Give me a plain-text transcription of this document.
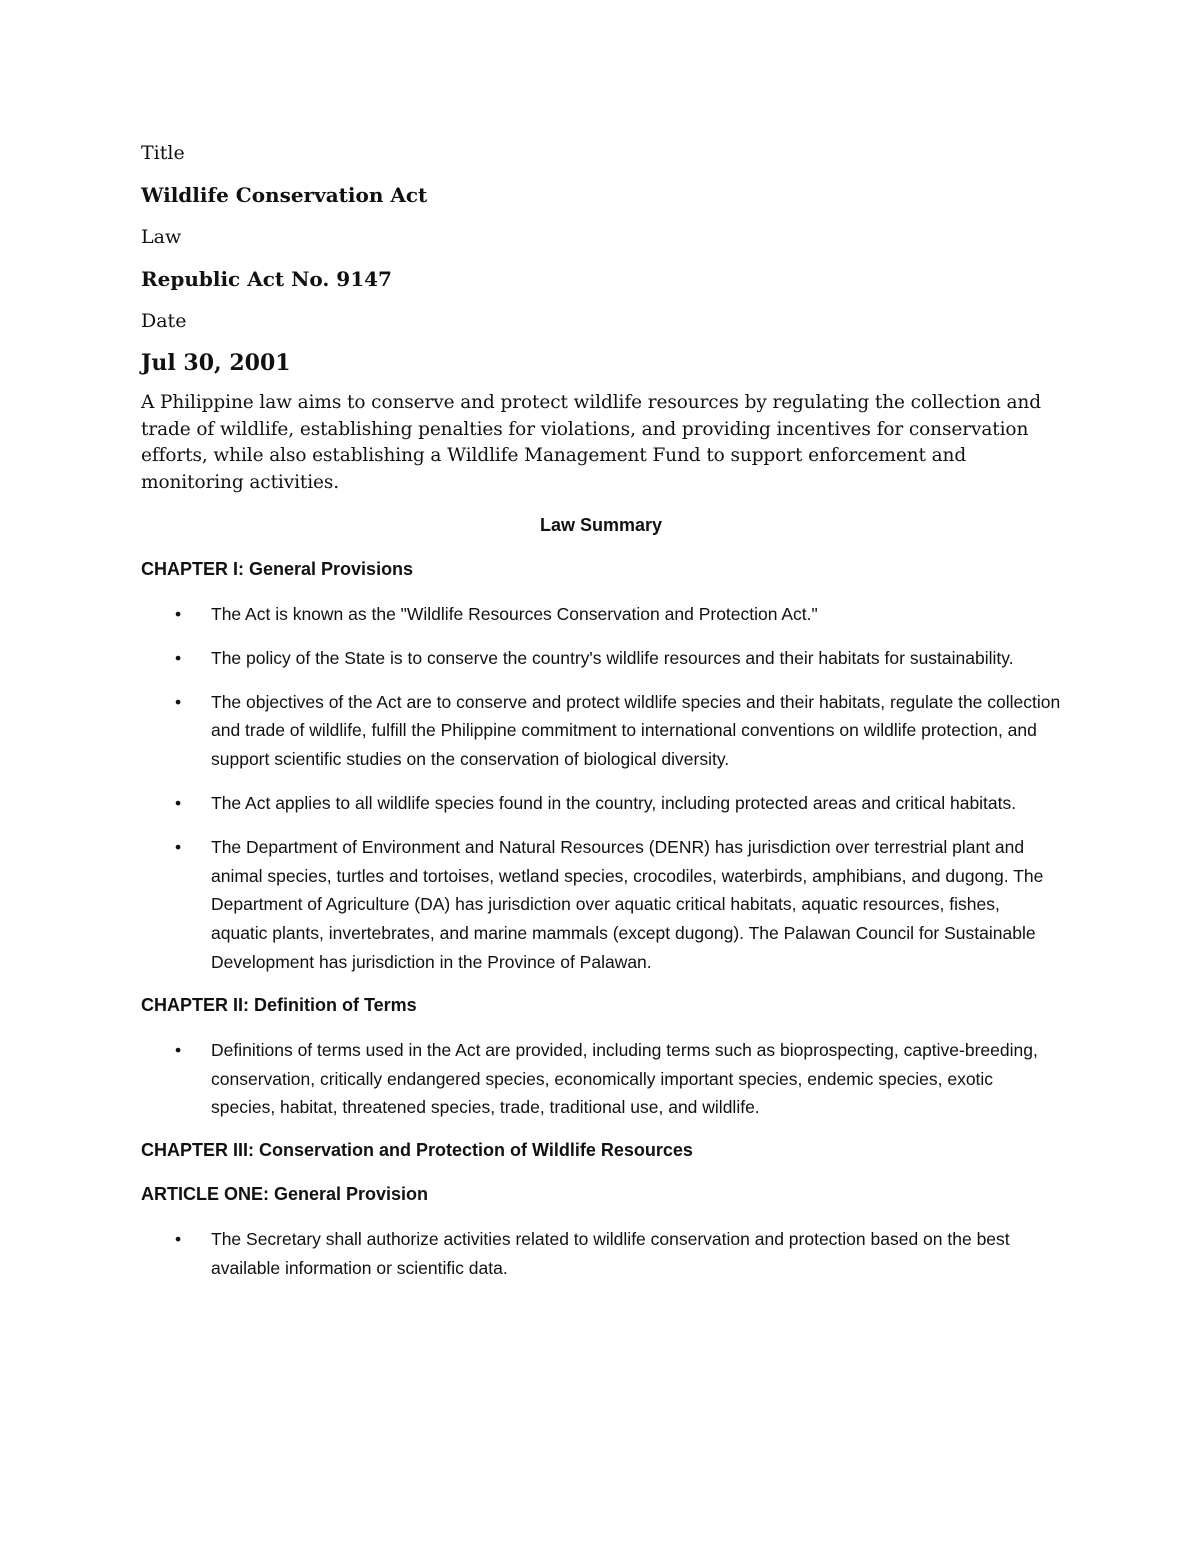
Title

Wildlife Conservation Act

Law

Republic Act No. 9147

Date

Jul 30, 2001

A Philippine law aims to conserve and protect wildlife resources by regulating the collection and trade of wildlife, establishing penalties for violations, and providing incentives for conservation efforts, while also establishing a Wildlife Management Fund to support enforcement and monitoring activities.

Law Summary

CHAPTER I: General Provisions

• The Act is known as the "Wildlife Resources Conservation and Protection Act."
• The policy of the State is to conserve the country's wildlife resources and their habitats for sustainability.
• The objectives of the Act are to conserve and protect wildlife species and their habitats, regulate the collection and trade of wildlife, fulfill the Philippine commitment to international conventions on wildlife protection, and support scientific studies on the conservation of biological diversity.
• The Act applies to all wildlife species found in the country, including protected areas and critical habitats.
• The Department of Environment and Natural Resources (DENR) has jurisdiction over terrestrial plant and animal species, turtles and tortoises, wetland species, crocodiles, waterbirds, amphibians, and dugong. The Department of Agriculture (DA) has jurisdiction over aquatic critical habitats, aquatic resources, fishes, aquatic plants, invertebrates, and marine mammals (except dugong). The Palawan Council for Sustainable Development has jurisdiction in the Province of Palawan.

CHAPTER II: Definition of Terms

• Definitions of terms used in the Act are provided, including terms such as bioprospecting, captive-breeding, conservation, critically endangered species, economically important species, endemic species, exotic species, habitat, threatened species, trade, traditional use, and wildlife.

CHAPTER III: Conservation and Protection of Wildlife Resources

ARTICLE ONE: General Provision

• The Secretary shall authorize activities related to wildlife conservation and protection based on the best available information or scientific data.
